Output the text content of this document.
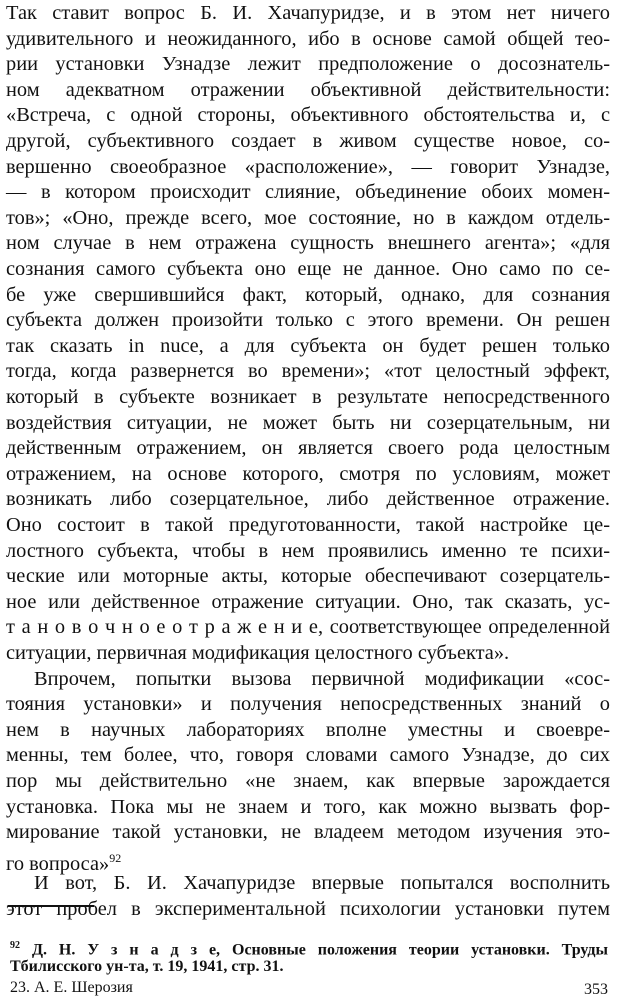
Так ставит вопрос Б. И. Хачапуридзе, и в этом нет ничего
удивительного и неожиданного, ибо в основе самой общей тео-
рии установки Узнадзе лежит предположение о досознатель-
ном адекватном отражении объективной действительности:
«Встреча, с одной стороны, объективного обстоятельства и, с
другой, субъективного создает в живом существе новое, со-
вершенно своеобразное «расположение», — говорит Узнадзе,
— в котором происходит слияние, объединение обоих момен-
тов»; «Оно, прежде всего, мое состояние, но в каждом отдель-
ном случае в нем отражена сущность внешнего агента»; «для
сознания самого субъекта оно еще не данное. Оно само по се-
бе уже свершившийся факт, который, однако, для сознания
субъекта должен произойти только с этого времени. Он решен
так сказать in nuce, а для субъекта он будет решен только
тогда, когда развернется во времени»; «тот целостный эффект,
который в субъекте возникает в результате непосредственного
воздействия ситуации, не может быть ни созерцательным, ни
действенным отражением, он является своего рода целостным
отражением, на основе которого, смотря по условиям, может
возникать либо созерцательное, либо действенное отражение.
Оно состоит в такой предуготованности, такой настройке це-
лостного субъекта, чтобы в нем проявились именно те психи-
ческие или моторные акты, которые обеспечивают созерцатель-
ное или действенное отражение ситуации. Оно, так сказать, ус-
т а н о в о ч н о е о т р а ж е н и е, соответствующее определенной
ситуации, первичная модификация целостного субъекта».
Впрочем, попытки вызова первичной модификации «сос-
тояния установки» и получения непосредственных знаний о
нем в научных лабораториях вполне уместны и своевре-
менны, тем более, что, говоря словами самого Узнадзе, до сих
пор мы действительно «не знаем, как впервые зарождается
установка. Пока мы не знаем и того, как можно вызвать фор-
мирование такой установки, не владеем методом изучения это-
го вопроса»$^{92}$
И вот, Б. И. Хачапуридзе впервые попытался восполнить
этот пробел в экспериментальной психологии установки путем
$^{92}$ Д. Н. У з н а д з е, Основные положения теории установки. Труды
Тбилисского ун-та, т. 19, 1941, стр. 31.
23. А. Е. Шерозия	353
